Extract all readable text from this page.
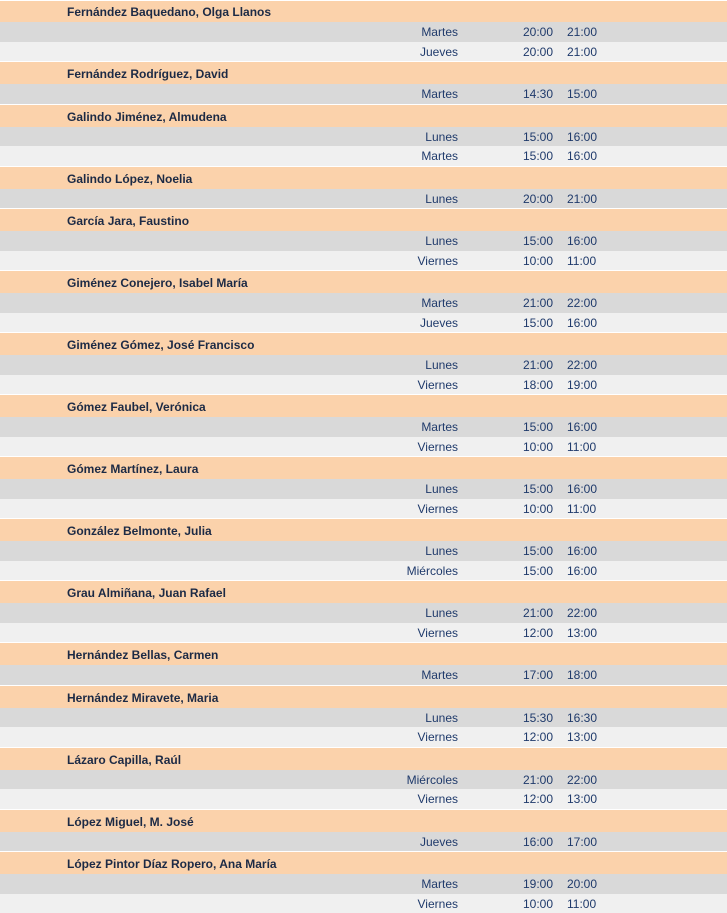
Fernández Baquedano, Olga Llanos
Martes	20:00 21:00
Jueves	20:00 21:00
Fernández Rodríguez, David
Martes	14:30 15:00
Galindo Jiménez, Almudena
Lunes	15:00 16:00
Martes	15:00 16:00
Galindo López, Noelia
Lunes	20:00 21:00
García Jara, Faustino
Lunes	15:00 16:00
Viernes	10:00 11:00
Giménez Conejero, Isabel María
Martes	21:00 22:00
Jueves	15:00 16:00
Giménez Gómez, José Francisco
Lunes	21:00 22:00
Viernes	18:00 19:00
Gómez Faubel, Verónica
Martes	15:00 16:00
Viernes	10:00 11:00
Gómez Martínez, Laura
Lunes	15:00 16:00
Viernes	10:00 11:00
González Belmonte, Julia
Lunes	15:00 16:00
Miércoles	15:00 16:00
Grau Almiñana, Juan Rafael
Lunes	21:00 22:00
Viernes	12:00 13:00
Hernández Bellas, Carmen
Martes	17:00 18:00
Hernández Miravete, Maria
Lunes	15:30 16:30
Viernes	12:00 13:00
Lázaro Capilla, Raúl
Miércoles	21:00 22:00
Viernes	12:00 13:00
López Miguel, M. José
Jueves	16:00 17:00
López Pintor Díaz Ropero, Ana María
Martes	19:00 20:00
Viernes	10:00 11:00
